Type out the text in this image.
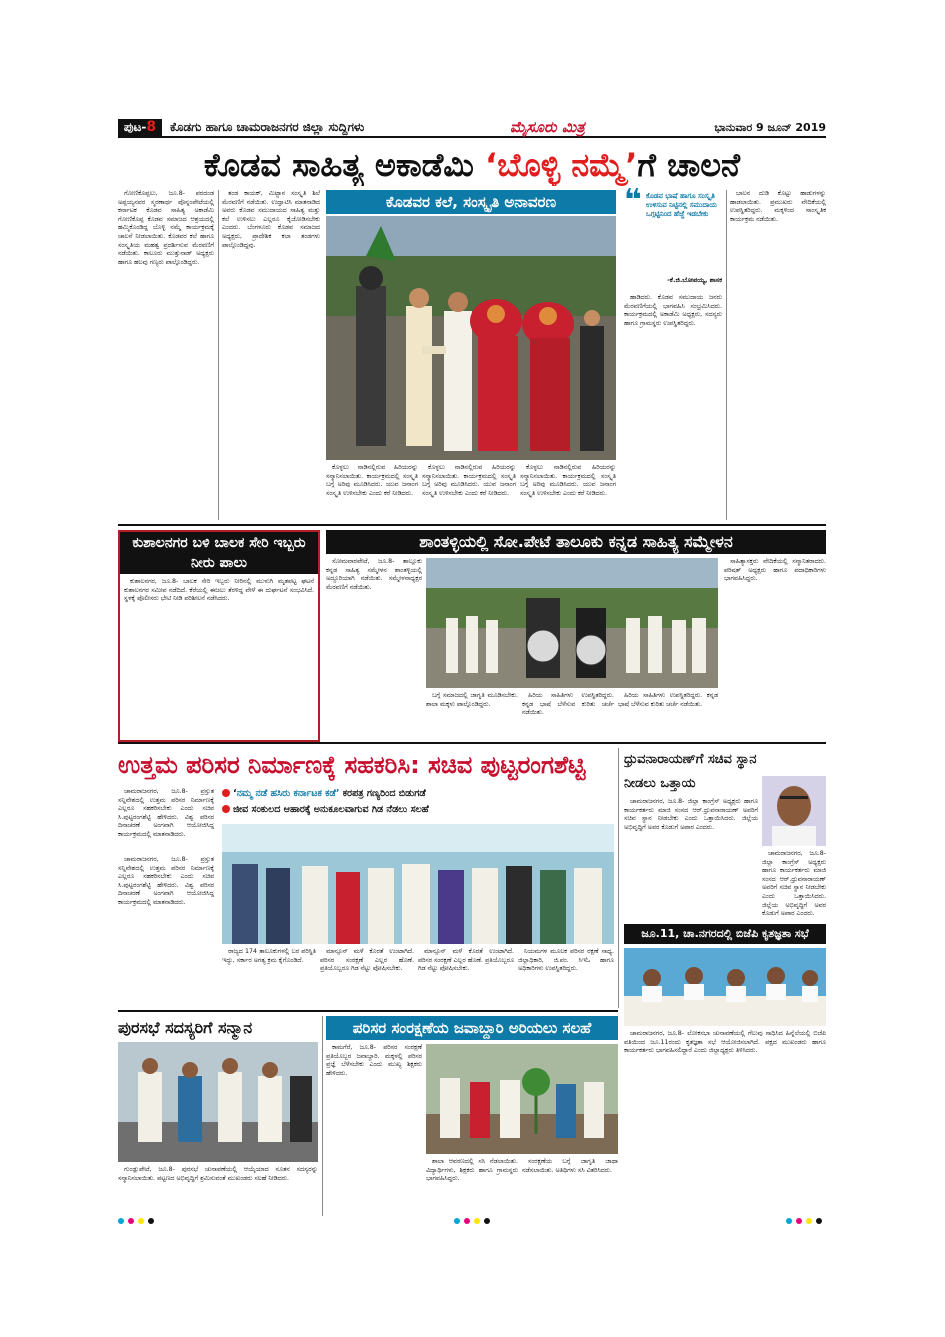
ಪುಟ-8	ಕೊಡಗು ಹಾಗೂ ಚಾಮರಾಜನಗರ ಜಿಲ್ಲಾ ಸುದ್ದಿಗಳು	ಮೈಸೂರು ಮಿತ್ರ	ಭಾನುವಾರ 9 ಜೂನ್ 2019
ಕೊಡವ ಸಾಹಿತ್ಯ ಅಕಾಡೆಮಿ ‘ಬೊಳ್ಳಿ ನಮ್ಮೆ’ಗೆ ಚಾಲನೆ

ಗೋಣಿಕೊಪ್ಪಲು, ಜೂ.8- ಪರದಂಡ ಅಪ್ಪಯ್ಯನವರ ಸ್ಮರಣಾರ್ಥ ಪೊನ್ನಂಪೇಟೆಯಲ್ಲಿ ಕರ್ನಾಟಕ ಕೊಡವ ಸಾಹಿತ್ಯ ಅಕಾಡೆಮಿ ಗೋಣಿಕೊಪ್ಪ ಕೊಡವ ಸಮಾಜದ ಆಶ್ರಯದಲ್ಲಿ ಹಮ್ಮಿಕೊಂಡಿದ್ದ ಬೊಳ್ಳಿ ನಮ್ಮೆ ಕಾರ್ಯಕ್ರಮಕ್ಕೆ ಚಾಲನೆ ನೀಡಲಾಯಿತು. ಕೊಡವರ ಕಲೆ ಹಾಗೂ ಸಂಸ್ಕೃತಿಯ ಮಹತ್ವ ಪ್ರದರ್ಶಿಸುವ ಮೆರವಣಿಗೆ ನಡೆಯಿತು. ಕಾಲೂರು ಮುತ್ತುನಾಡ್ ಅಧ್ಯಕ್ಷರು ಹಾಗೂ ಹಲವು ಗಣ್ಯರು ಪಾಲ್ಗೊಂಡಿದ್ದರು.

ತಂಡ ಕಾಯಕ್, ಮಿಟ್ಟಾನ ಸಂಸ್ಕೃತಿ ಶಿಲೆ ಮೆರವಣಿಗೆ ನಡೆಯಿತು. ಉದ್ಘಾಟಿಸಿ ಮಾತನಾಡಿದ ಅವರು ಕೊಡವ ಸಮುದಾಯದ ಸಾಹಿತ್ಯ ಮತ್ತು ಕಲೆ ಉಳಿಸಲು ಎಲ್ಲರೂ ಕೈಜೋಡಿಸಬೇಕು ಎಂದರು. ಬೆಂಗಳೂರು ಕೊಡವ ಸಮಾಜದ ಅಧ್ಯಕ್ಷರು, ಪ್ರಾದೇಶಿಕ ಕಲಾ ತಂಡಗಳು ಪಾಲ್ಗೊಂಡಿದ್ದವು.

ಕೊಡವರ ಕಲೆ, ಸಂಸ್ಕೃತಿ ಅನಾವರಣ

ಕೊಳ್ಳಲು ನಾಡಿನಲ್ಲಿರುವ ಹಿರಿಯರನ್ನು ಸನ್ಮಾನಿಸಲಾಯಿತು. ಕಾರ್ಯಕ್ರಮದಲ್ಲಿ ಸಂಸ್ಕೃತಿ ಬಗ್ಗೆ ಅರಿವು ಮೂಡಿಸಿದರು. ಯುವ ಜನಾಂಗ ಸಂಸ್ಕೃತಿ ಉಳಿಸಬೇಕು ಎಂದು ಕರೆ ನೀಡಿದರು.

ಕೊಳ್ಳಲು ನಾಡಿನಲ್ಲಿರುವ ಹಿರಿಯರನ್ನು ಸನ್ಮಾನಿಸಲಾಯಿತು. ಕಾರ್ಯಕ್ರಮದಲ್ಲಿ ಸಂಸ್ಕೃತಿ ಬಗ್ಗೆ ಅರಿವು ಮೂಡಿಸಿದರು. ಯುವ ಜನಾಂಗ ಸಂಸ್ಕೃತಿ ಉಳಿಸಬೇಕು ಎಂದು ಕರೆ ನೀಡಿದರು.

ಕೊಳ್ಳಲು ನಾಡಿನಲ್ಲಿರುವ ಹಿರಿಯರನ್ನು ಸನ್ಮಾನಿಸಲಾಯಿತು. ಕಾರ್ಯಕ್ರಮದಲ್ಲಿ ಸಂಸ್ಕೃತಿ ಬಗ್ಗೆ ಅರಿವು ಮೂಡಿಸಿದರು. ಯುವ ಜನಾಂಗ ಸಂಸ್ಕೃತಿ ಉಳಿಸಬೇಕು ಎಂದು ಕರೆ ನೀಡಿದರು.

❝ ಕೊಡವ ಭಾಷೆ ಹಾಗೂ ಸಂಸ್ಕೃತಿ ಉಳಿಸುವ ನಿಟ್ಟಿನಲ್ಲಿ ಸಮುದಾಯ ಒಗ್ಗಟ್ಟಿನಿಂದ ಹೆಜ್ಜೆ ಇಡಬೇಕು
-ಕೆ.ಜಿ.ಬೋಪಯ್ಯ, ಶಾಸಕ

ಹಾಡಿದರು. ಕೊಡವ ಸಮುದಾಯ ಜನರು ಮೆರವಣಿಗೆಯಲ್ಲಿ ಭಾಗವಹಿಸಿ ಸಂಭ್ರಮಿಸಿದರು. ಕಾರ್ಯಕ್ರಮದಲ್ಲಿ ಅಕಾಡೆಮಿ ಅಧ್ಯಕ್ಷರು, ಸದಸ್ಯರು ಹಾಗೂ ಗ್ರಾಮಸ್ಥರು ಉಪಸ್ಥಿತರಿದ್ದರು.

ಬಾಲನ ದುಡಿ ಕೊಟ್ಟು ಹಾಡುಗಳನ್ನು ಹಾಡಲಾಯಿತು. ಪ್ರಮುಖರು ವೇದಿಕೆಯಲ್ಲಿ ಉಪಸ್ಥಿತರಿದ್ದರು. ಮಕ್ಕಳಿಂದ ಸಾಂಸ್ಕೃತಿಕ ಕಾರ್ಯಕ್ರಮ ನಡೆಯಿತು.

ಕುಶಾಲನಗರ ಬಳಿ ಬಾಲಕ ಸೇರಿ ಇಬ್ಬರು ನೀರು ಪಾಲು

ಕುಶಾಲನಗರ, ಜೂ.8- ಬಾಲಕ ಸೇರಿ ಇಬ್ಬರು ನೀರಿನಲ್ಲಿ ಮುಳುಗಿ ಮೃತಪಟ್ಟ ಘಟನೆ ಕುಶಾಲನಗರ ಸಮೀಪ ನಡೆದಿದೆ. ಕೆರೆಯಲ್ಲಿ ಈಜಲು ತೆರಳಿದ್ದ ವೇಳೆ ಈ ದುರ್ಘಟನೆ ಸಂಭವಿಸಿದೆ. ಸ್ಥಳಕ್ಕೆ ಪೊಲೀಸರು ಭೇಟಿ ನೀಡಿ ಪರಿಶೀಲನೆ ನಡೆಸಿದರು.

ಶಾಂತಳ್ಳಿಯಲ್ಲಿ ಸೋ.ಪೇಟೆ ತಾಲೂಕು ಕನ್ನಡ ಸಾಹಿತ್ಯ ಸಮ್ಮೇಳನ

ಸೋಮವಾರಪೇಟೆ, ಜೂ.8- ತಾಲ್ಲೂಕು ಕನ್ನಡ ಸಾಹಿತ್ಯ ಸಮ್ಮೇಳನ ಶಾಂತಳ್ಳಿಯಲ್ಲಿ ಅದ್ದೂರಿಯಾಗಿ ನಡೆಯಿತು. ಸಮ್ಮೇಳನಾಧ್ಯಕ್ಷರ ಮೆರವಣಿಗೆ ನಡೆಯಿತು.

ಬಗ್ಗೆ ಸಮಾಜದಲ್ಲಿ ಜಾಗೃತಿ ಮೂಡಿಸಬೇಕು. ಶಾಲಾ ಮಕ್ಕಳು ಪಾಲ್ಗೊಂಡಿದ್ದರು.

ಹಿರಿಯ ಸಾಹಿತಿಗಳು ಉಪಸ್ಥಿತರಿದ್ದರು. ಕನ್ನಡ ಭಾಷೆ ಬೆಳೆಸುವ ಕುರಿತು ಚರ್ಚೆ ನಡೆಯಿತು.

ಹಿರಿಯ ಸಾಹಿತಿಗಳು ಉಪಸ್ಥಿತರಿದ್ದರು. ಕನ್ನಡ ಭಾಷೆ ಬೆಳೆಸುವ ಕುರಿತು ಚರ್ಚೆ ನಡೆಯಿತು.

ಸಾಹಿತ್ಯಾಸಕ್ತರು ವೇದಿಕೆಯಲ್ಲಿ ಸನ್ಮಾನಿತರಾದರು. ಪರಿಷತ್ ಅಧ್ಯಕ್ಷರು ಹಾಗೂ ಪದಾಧಿಕಾರಿಗಳು ಭಾಗವಹಿಸಿದ್ದರು.

ಉತ್ತಮ ಪರಿಸರ ನಿರ್ಮಾಣಕ್ಕೆ ಸಹಕರಿಸಿ: ಸಚಿವ ಪುಟ್ಟರಂಗಶೆಟ್ಟಿ

ಚಾಮರಾಜನಗರ, ಜೂ.8- ಪ್ರಸ್ತುತ ಸನ್ನಿವೇಶದಲ್ಲಿ ಉತ್ತಮ ಪರಿಸರ ನಿರ್ಮಾಣಕ್ಕೆ ಎಲ್ಲರೂ ಸಹಕರಿಸಬೇಕು ಎಂದು ಸಚಿವ ಸಿ.ಪುಟ್ಟರಂಗಶೆಟ್ಟಿ ಹೇಳಿದರು. ವಿಶ್ವ ಪರಿಸರ ದಿನಾಚರಣೆ ಅಂಗವಾಗಿ ಆಯೋಜಿಸಿದ್ದ ಕಾರ್ಯಕ್ರಮದಲ್ಲಿ ಮಾತನಾಡಿದರು.

‘ನಮ್ಮ ನಡೆ ಹಸಿರು ಕರ್ನಾಟಕ ಕಡೆ’ ಕರಪತ್ರ ಗಣ್ಯರಿಂದ ಬಿಡುಗಡೆ
ಜೀವ ಸಂಕುಲದ ಆಹಾರಕ್ಕೆ ಅನುಕೂಲವಾಗುವ ಗಿಡ ನೆಡಲು ಸಲಹೆ

ಚಾಮರಾಜನಗರ, ಜೂ.8- ಪ್ರಸ್ತುತ ಸನ್ನಿವೇಶದಲ್ಲಿ ಉತ್ತಮ ಪರಿಸರ ನಿರ್ಮಾಣಕ್ಕೆ ಎಲ್ಲರೂ ಸಹಕರಿಸಬೇಕು ಎಂದು ಸಚಿವ ಸಿ.ಪುಟ್ಟರಂಗಶೆಟ್ಟಿ ಹೇಳಿದರು. ವಿಶ್ವ ಪರಿಸರ ದಿನಾಚರಣೆ ಅಂಗವಾಗಿ ಆಯೋಜಿಸಿದ್ದ ಕಾರ್ಯಕ್ರಮದಲ್ಲಿ ಮಾತನಾಡಿದರು.

ರಾಜ್ಯದ 174 ತಾಲೂಕುಗಳಲ್ಲಿ ಬರ ಪರಿಸ್ಥಿತಿ ಇದ್ದು, ಸರ್ಕಾರ ಅಗತ್ಯ ಕ್ರಮ ಕೈಗೊಂಡಿದೆ.

ಮಾನ್ಸೂನ್ ಮಳೆ ಕೊರತೆ ಉಂಟಾಗಿದೆ. ಪರಿಸರ ಸಂರಕ್ಷಣೆ ಎಲ್ಲರ ಹೊಣೆ. ಪ್ರತಿಯೊಬ್ಬರೂ ಗಿಡ ನೆಟ್ಟು ಪೋಷಿಸಬೇಕು.

ಮಾನ್ಸೂನ್ ಮಳೆ ಕೊರತೆ ಉಂಟಾಗಿದೆ. ಪರಿಸರ ಸಂರಕ್ಷಣೆ ಎಲ್ಲರ ಹೊಣೆ. ಪ್ರತಿಯೊಬ್ಬರೂ ಗಿಡ ನೆಟ್ಟು ಪೋಷಿಸಬೇಕು.

ನಿಯಮಗಳ ಮೂಲಕ ಪರಿಸರ ರಕ್ಷಣೆ ಸಾಧ್ಯ. ಜಿಲ್ಲಾಧಿಕಾರಿ, ಜಿ.ಪಂ. ಸಿಇಓ ಹಾಗೂ ಅಧಿಕಾರಿಗಳು ಉಪಸ್ಥಿತರಿದ್ದರು.

ಧ್ರುವನಾರಾಯಣ್‌ಗೆ ಸಚಿವ ಸ್ಥಾನ
ನೀಡಲು ಒತ್ತಾಯ

ಚಾಮರಾಜನಗರ, ಜೂ.8- ಜಿಲ್ಲಾ ಕಾಂಗ್ರೆಸ್ ಅಧ್ಯಕ್ಷರು ಹಾಗೂ ಕಾರ್ಯಕರ್ತರು ಮಾಜಿ ಸಂಸದ ಆರ್.ಧ್ರುವನಾರಾಯಣ್ ಅವರಿಗೆ ಸಚಿವ ಸ್ಥಾನ ನೀಡಬೇಕು ಎಂದು ಒತ್ತಾಯಿಸಿದರು. ಜಿಲ್ಲೆಯ ಅಭಿವೃದ್ಧಿಗೆ ಅವರ ಕೊಡುಗೆ ಅಪಾರ ಎಂದರು.

ಚಾಮರಾಜನಗರ, ಜೂ.8- ಜಿಲ್ಲಾ ಕಾಂಗ್ರೆಸ್ ಅಧ್ಯಕ್ಷರು ಹಾಗೂ ಕಾರ್ಯಕರ್ತರು ಮಾಜಿ ಸಂಸದ ಆರ್.ಧ್ರುವನಾರಾಯಣ್ ಅವರಿಗೆ ಸಚಿವ ಸ್ಥಾನ ನೀಡಬೇಕು ಎಂದು ಒತ್ತಾಯಿಸಿದರು. ಜಿಲ್ಲೆಯ ಅಭಿವೃದ್ಧಿಗೆ ಅವರ ಕೊಡುಗೆ ಅಪಾರ ಎಂದರು.

ಜೂ.11, ಚಾ.ನಗರದಲ್ಲಿ ಬಿಜೆಪಿ ಕೃತಜ್ಞತಾ ಸಭೆ

ಚಾಮರಾಜನಗರ, ಜೂ.8- ಲೋಕಸಭಾ ಚುನಾವಣೆಯಲ್ಲಿ ಗೆಲುವು ಸಾಧಿಸಿದ ಹಿನ್ನೆಲೆಯಲ್ಲಿ ಬಿಜೆಪಿ ವತಿಯಿಂದ ಜೂ.11ರಂದು ಕೃತಜ್ಞತಾ ಸಭೆ ಆಯೋಜಿಸಲಾಗಿದೆ. ಪಕ್ಷದ ಮುಖಂಡರು ಹಾಗೂ ಕಾರ್ಯಕರ್ತರು ಭಾಗವಹಿಸಲಿದ್ದಾರೆ ಎಂದು ಜಿಲ್ಲಾಧ್ಯಕ್ಷರು ತಿಳಿಸಿದರು.

ಪುರಸಭೆ ಸದಸ್ಯರಿಗೆ ಸನ್ಮಾನ

ಗುಂಡ್ಲುಪೇಟೆ, ಜೂ.8- ಪುರಸಭೆ ಚುನಾವಣೆಯಲ್ಲಿ ಆಯ್ಕೆಯಾದ ನೂತನ ಸದಸ್ಯರನ್ನು ಸನ್ಮಾನಿಸಲಾಯಿತು. ಪಟ್ಟಣದ ಅಭಿವೃದ್ಧಿಗೆ ಶ್ರಮಿಸುವಂತೆ ಮುಖಂಡರು ಸಲಹೆ ನೀಡಿದರು.

ಪರಿಸರ ಸಂರಕ್ಷಣೆಯ ಜವಾಬ್ದಾರಿ ಅರಿಯಲು ಸಲಹೆ

ಕಾಮಗೆರೆ, ಜೂ.8- ಪರಿಸರ ಸಂರಕ್ಷಣೆ ಪ್ರತಿಯೊಬ್ಬರ ಜವಾಬ್ದಾರಿ. ಮಕ್ಕಳಲ್ಲಿ ಪರಿಸರ ಪ್ರಜ್ಞೆ ಬೆಳೆಸಬೇಕು ಎಂದು ಮುಖ್ಯ ಶಿಕ್ಷಕರು ಹೇಳಿದರು.

ಶಾಲಾ ಆವರಣದಲ್ಲಿ ಸಸಿ ನೆಡಲಾಯಿತು. ವಿದ್ಯಾರ್ಥಿಗಳು, ಶಿಕ್ಷಕರು ಹಾಗೂ ಗ್ರಾಮಸ್ಥರು ಭಾಗವಹಿಸಿದ್ದರು.

ಸಂರಕ್ಷಣೆಯ ಬಗ್ಗೆ ಜಾಗೃತಿ ಜಾಥಾ ನಡೆಸಲಾಯಿತು. ಅತಿಥಿಗಳು ಸಸಿ ವಿತರಿಸಿದರು.
